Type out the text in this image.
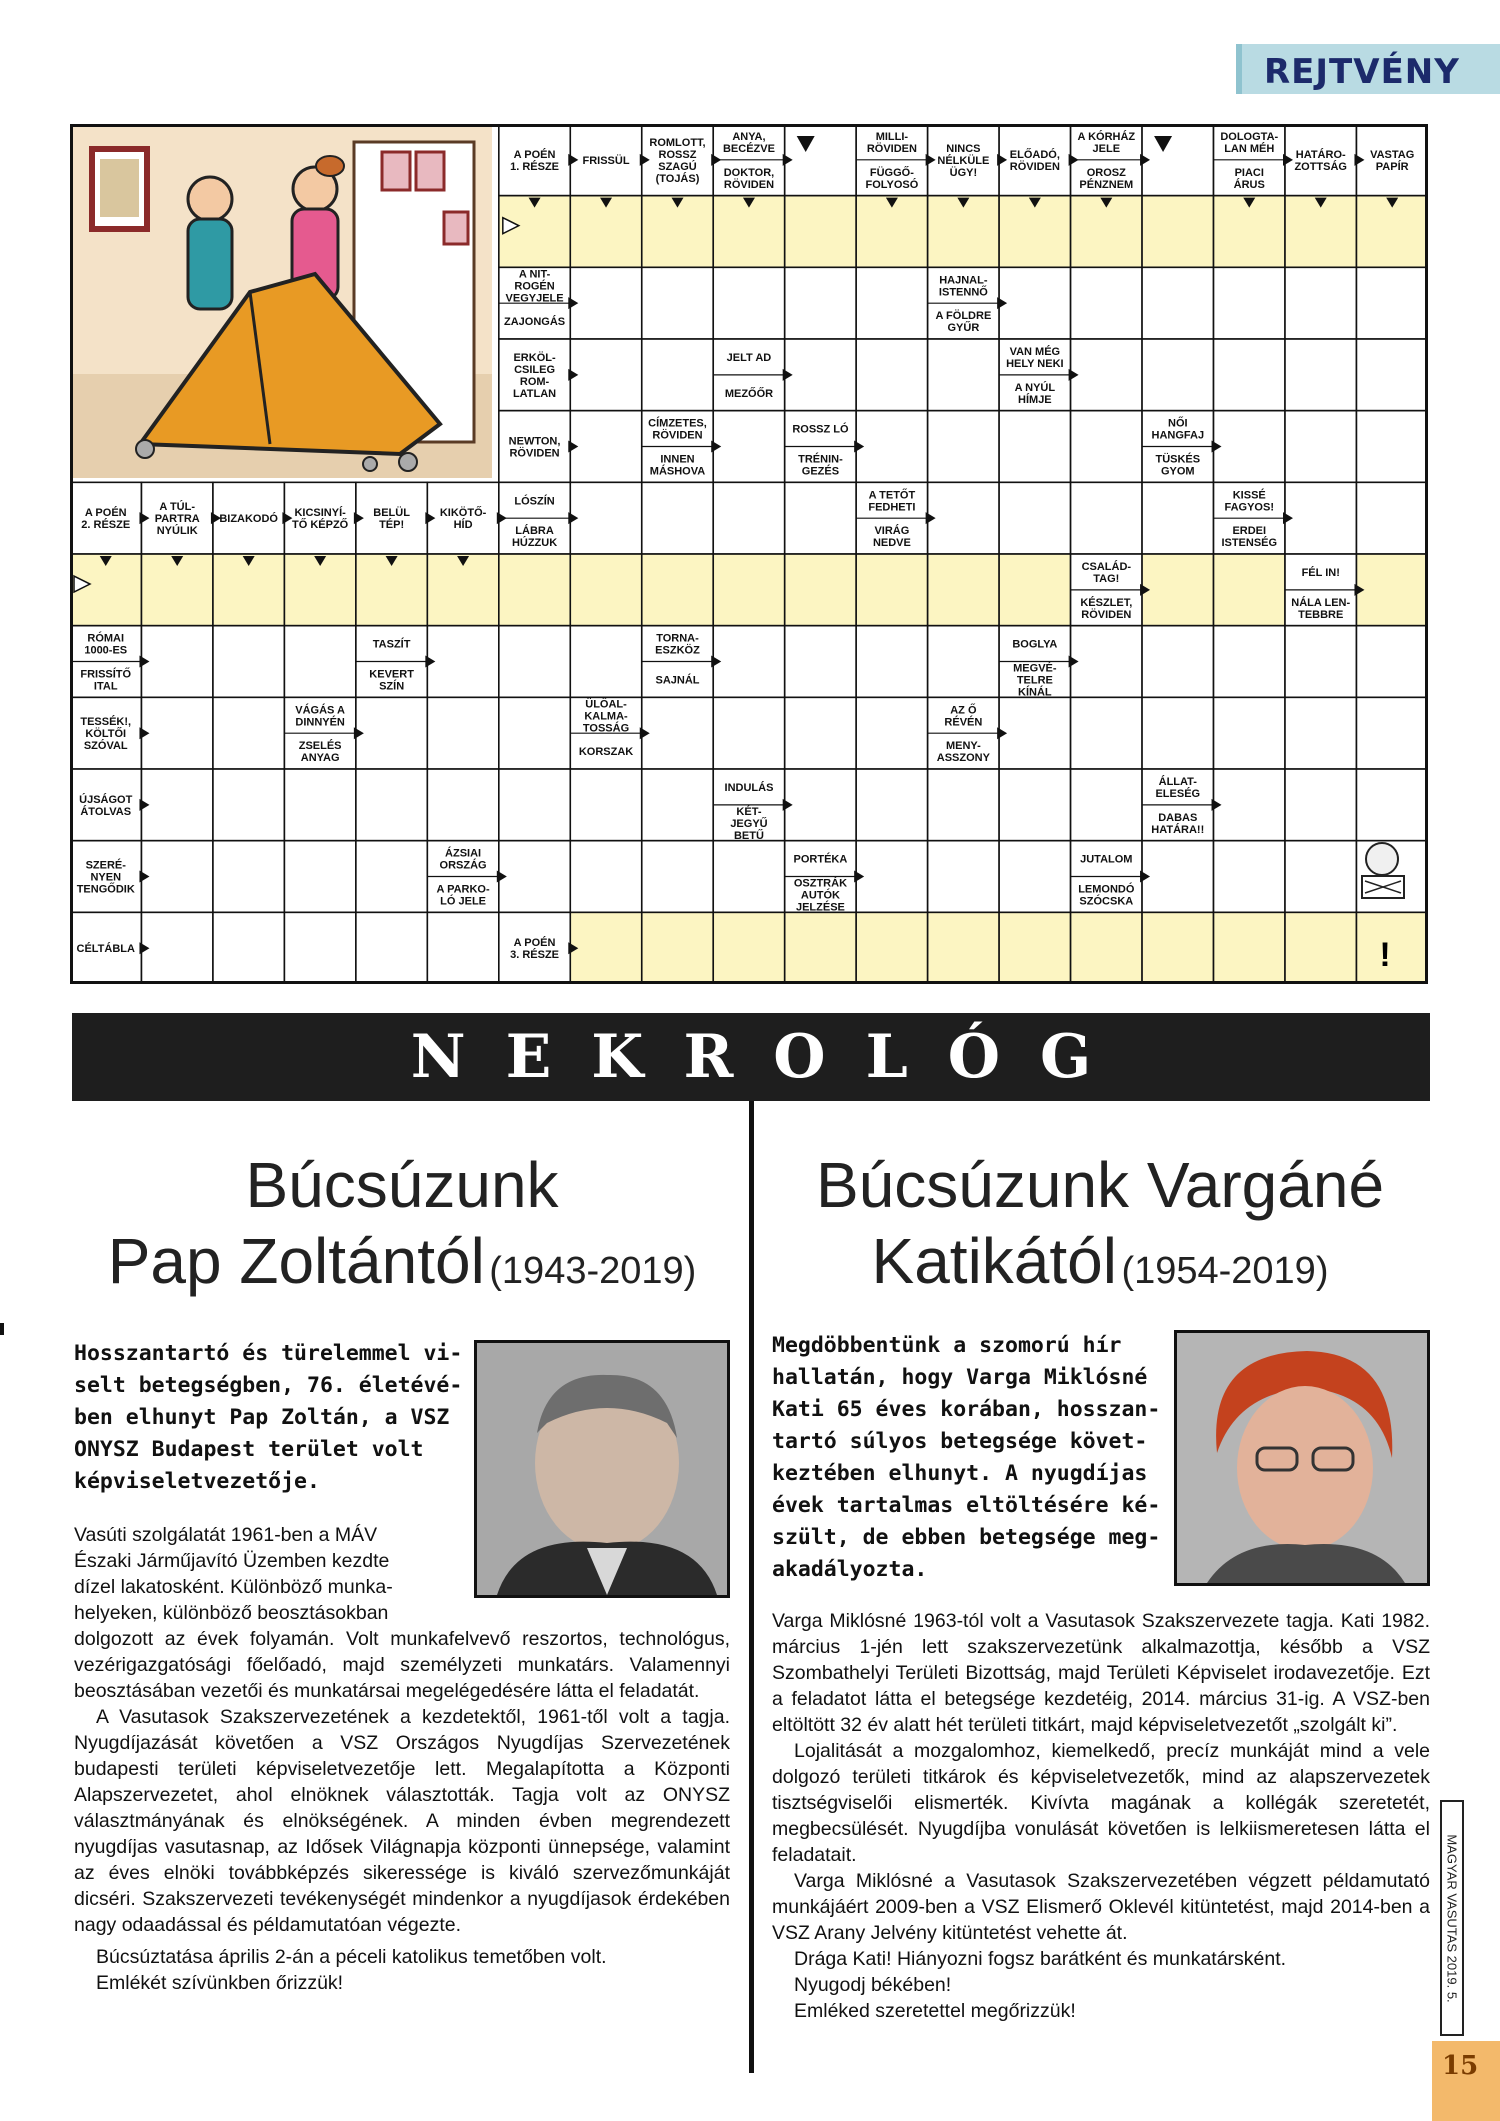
REJTVÉNY
A POÉN
1. RÉSZE FRISSÜL
ROMLOTT,
ROSSZ
SZAGÚ
(TOJÁS)
ANYA,
BECÉZVE
DOKTOR,
RÖVIDEN
MILLI-
RÖVIDEN
FÜGGŐ-
FOLYOSÓ
NINCS
NÉLKÜLE
ÜGY!
ELŐADÓ,
RÖVIDEN
A KÓRHÁZ
JELE
OROSZ
PÉNZNEM
DOLOGTA-
LAN MÉH
PIACI
ÁRUS
HATÁRO-
ZOTTSÁG
VASTAG
PAPÍR
A NIT-
ROGÉN
VEGYJELE
ZAJONGÁS
HAJNAL-
ISTENNŐ
A FÖLDRE
GYŰR
ERKÖL-
CSILEG
ROM-
LATLAN
JELT AD
MEZŐŐR
VAN MÉG
HELY NEKI
A NYÚL
HÍMJE
NEWTON,
RÖVIDEN
CÍMZETES,
RÖVIDEN
INNEN
MÁSHOVA
ROSSZ LÓ
TRÉNIN-
GEZÉS
NŐI
HANGFAJ
TÜSKÉS
GYOM
A POÉN
2. RÉSZE
A TÚL-
PARTRA
NYÚLIK
BIZAKODÓ KICSINYÍ-
TŐ KÉPZŐ
BELÜL
TÉP!
KIKÖTŐ-
HÍD
LÓSZÍN
LÁBRA
HÚZZUK
A TETŐT
FEDHETI
VIRÁG
NEDVE
KISSÉ
FAGYOS!
ERDEI
ISTENSÉG
CSALÁD-
TAG!
KÉSZLET,
RÖVIDEN
FÉL IN!
NÁLA LEN-
TEBBRE
RÓMAI
1000-ES
FRISSÍTŐ
ITAL
TASZÍT
KEVERT
SZÍN
TORNA-
ESZKÖZ
SAJNÁL
BOGLYA
MEGVÉ-
TELRE
KÍNÁL
TESSÉK!,
KÖLTŐI
SZÓVAL
VÁGÁS A
DINNYÉN
ZSELÉS
ANYAG
ÜLŐAL-
KALMA-
TOSSÁG
KORSZAK
AZ Ő
RÉVÉN
MENY-
ASSZONY
ÚJSÁGOT
ÁTOLVAS
INDULÁS
KÉT-
JEGYŰ
BETŰ
ÁLLAT-
ELESÉG
DABAS
HATÁRA!!
SZERÉ-
NYEN
TENGŐDIK
ÁZSIAI
ORSZÁG
A PARKO-
LÓ JELE
PORTÉKA
OSZTRÁK
AUTÓK
JELZÉSE
JUTALOM
LEMONDÓ
SZÓCSKA
CÉLTÁBLA	A POÉN
3. RÉSZE	!
NEKROLÓG
Búcsúzunk
Pap Zoltántól (1943-2019)
Hosszantartó és türelemmel vi-
selt betegségben, 76. életévé-
ben elhunyt Pap Zoltán, a VSZ
ONYSZ Budapest terület volt
képviseletvezetője.
Vasúti szolgálatát 1961-ben a MÁV
Északi Járműjavító Üzemben kezdte
dízel lakatosként. Különböző munka-
helyeken, különböző beosztásokban

dolgozott az évek folyamán. Volt munkafelvevő reszortos, technológus, vezérigazgatósági főelőadó, majd személyzeti munkatárs. Valamennyi beosztásában vezetői és munkatársai megelégedésére látta el feladatát.

A Vasutasok Szakszervezetének a kezdetektől, 1961-től volt a tagja. Nyugdíjazását követően a VSZ Országos Nyugdíjas Szervezetének budapesti területi képviseletvezetője lett. Megalapította a Központi Alapszervezetet, ahol elnöknek választották. Tagja volt az ONYSZ választmányának és elnökségének. A minden évben megrendezett nyugdíjas vasutasnap, az Idősek Világnapja központi ünnepsége, valamint az éves elnöki továbbképzés sikeressége is kiváló szervezőmunkáját dicséri. Szakszervezeti tevékenységét mindenkor a nyugdíjasok érdekében nagy odaadással és példamutatóan végezte.

Búcsúztatása április 2-án a péceli katolikus temetőben volt.

Emlékét szívünkben őrizzük!

Búcsúzunk Vargáné
Katikától (1954-2019)
Megdöbbentünk a szomorú hír
hallatán, hogy Varga Miklósné
Kati 65 éves korában, hosszan-
tartó súlyos betegsége követ-
keztében elhunyt. A nyugdíjas
évek tartalmas eltöltésére ké-
szült, de ebben betegsége meg-
akadályozta.

Varga Miklósné 1963-tól volt a Vasutasok Szakszervezete tagja. Kati 1982. március 1-jén lett szakszervezetünk alkalmazottja, később a VSZ Szombathelyi Területi Bizottság, majd Területi Képviselet irodavezetője. Ezt a feladatot látta el betegsége kezdetéig, 2014. március 31-ig. A VSZ-ben eltöltött 32 év alatt hét területi titkárt, majd képviseletvezetőt „szolgált ki”.

Lojalitását a mozgalomhoz, kiemelkedő, precíz munkáját mind a vele dolgozó területi titkárok és képviseletvezetők, mind az alapszervezetek tisztségviselői elismerték. Kivívta magának a kollégák szeretetét, megbecsülését. Nyugdíjba vonulását követően is lelkiismeretesen látta el feladatait.

Varga Miklósné a Vasutasok Szakszervezetében végzett példamutató munkájáért 2009-ben a VSZ Elismerő Oklevél kitüntetést, majd 2014-ben a VSZ Arany Jelvény kitüntetést vehette át.

Drága Kati! Hiányozni fogsz barátként és munkatársként.

Nyugodj békében!

Emléked szeretettel megőrizzük!

MAGYAR VASUTAS 2019. 5.
15
